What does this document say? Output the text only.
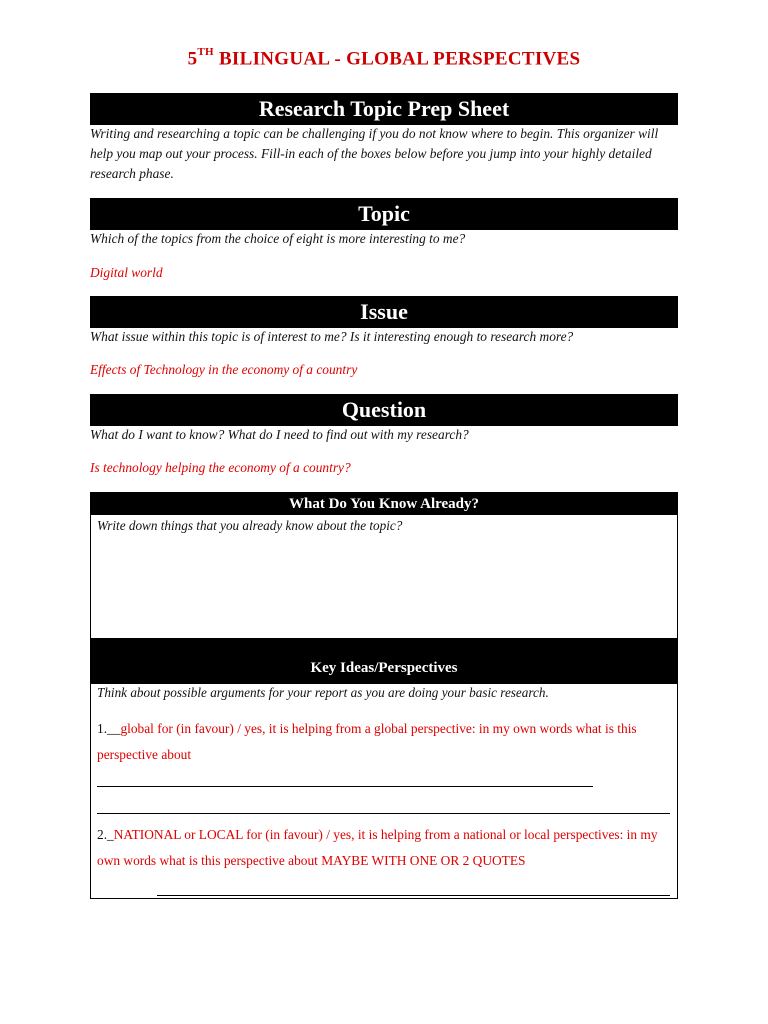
5TH BILINGUAL - GLOBAL PERSPECTIVES
Research Topic Prep Sheet
Writing and researching a topic can be challenging if you do not know where to begin. This organizer will help you map out your process. Fill-in each of the boxes below before you jump into your highly detailed research phase.
Topic
Which of the topics from the choice of eight is more interesting to me?
Digital world
Issue
What issue within this topic is of interest to me? Is it interesting enough to research more?
Effects of Technology in the economy of a country
Question
What do I want to know? What do I need to find out with my research?
Is technology helping the economy of a country?
What Do You Know Already?
Write down things that you already know about the topic?
Key Ideas/Perspectives
Think about possible arguments for your report as you are doing your basic research.
1.__global for (in favour) / yes, it is helping from a global perspective: in my own words what is this perspective about
2._NATIONAL or LOCAL for (in favour) / yes, it is helping from a national or local perspectives: in my own words what is this perspective about MAYBE WITH ONE OR 2 QUOTES
